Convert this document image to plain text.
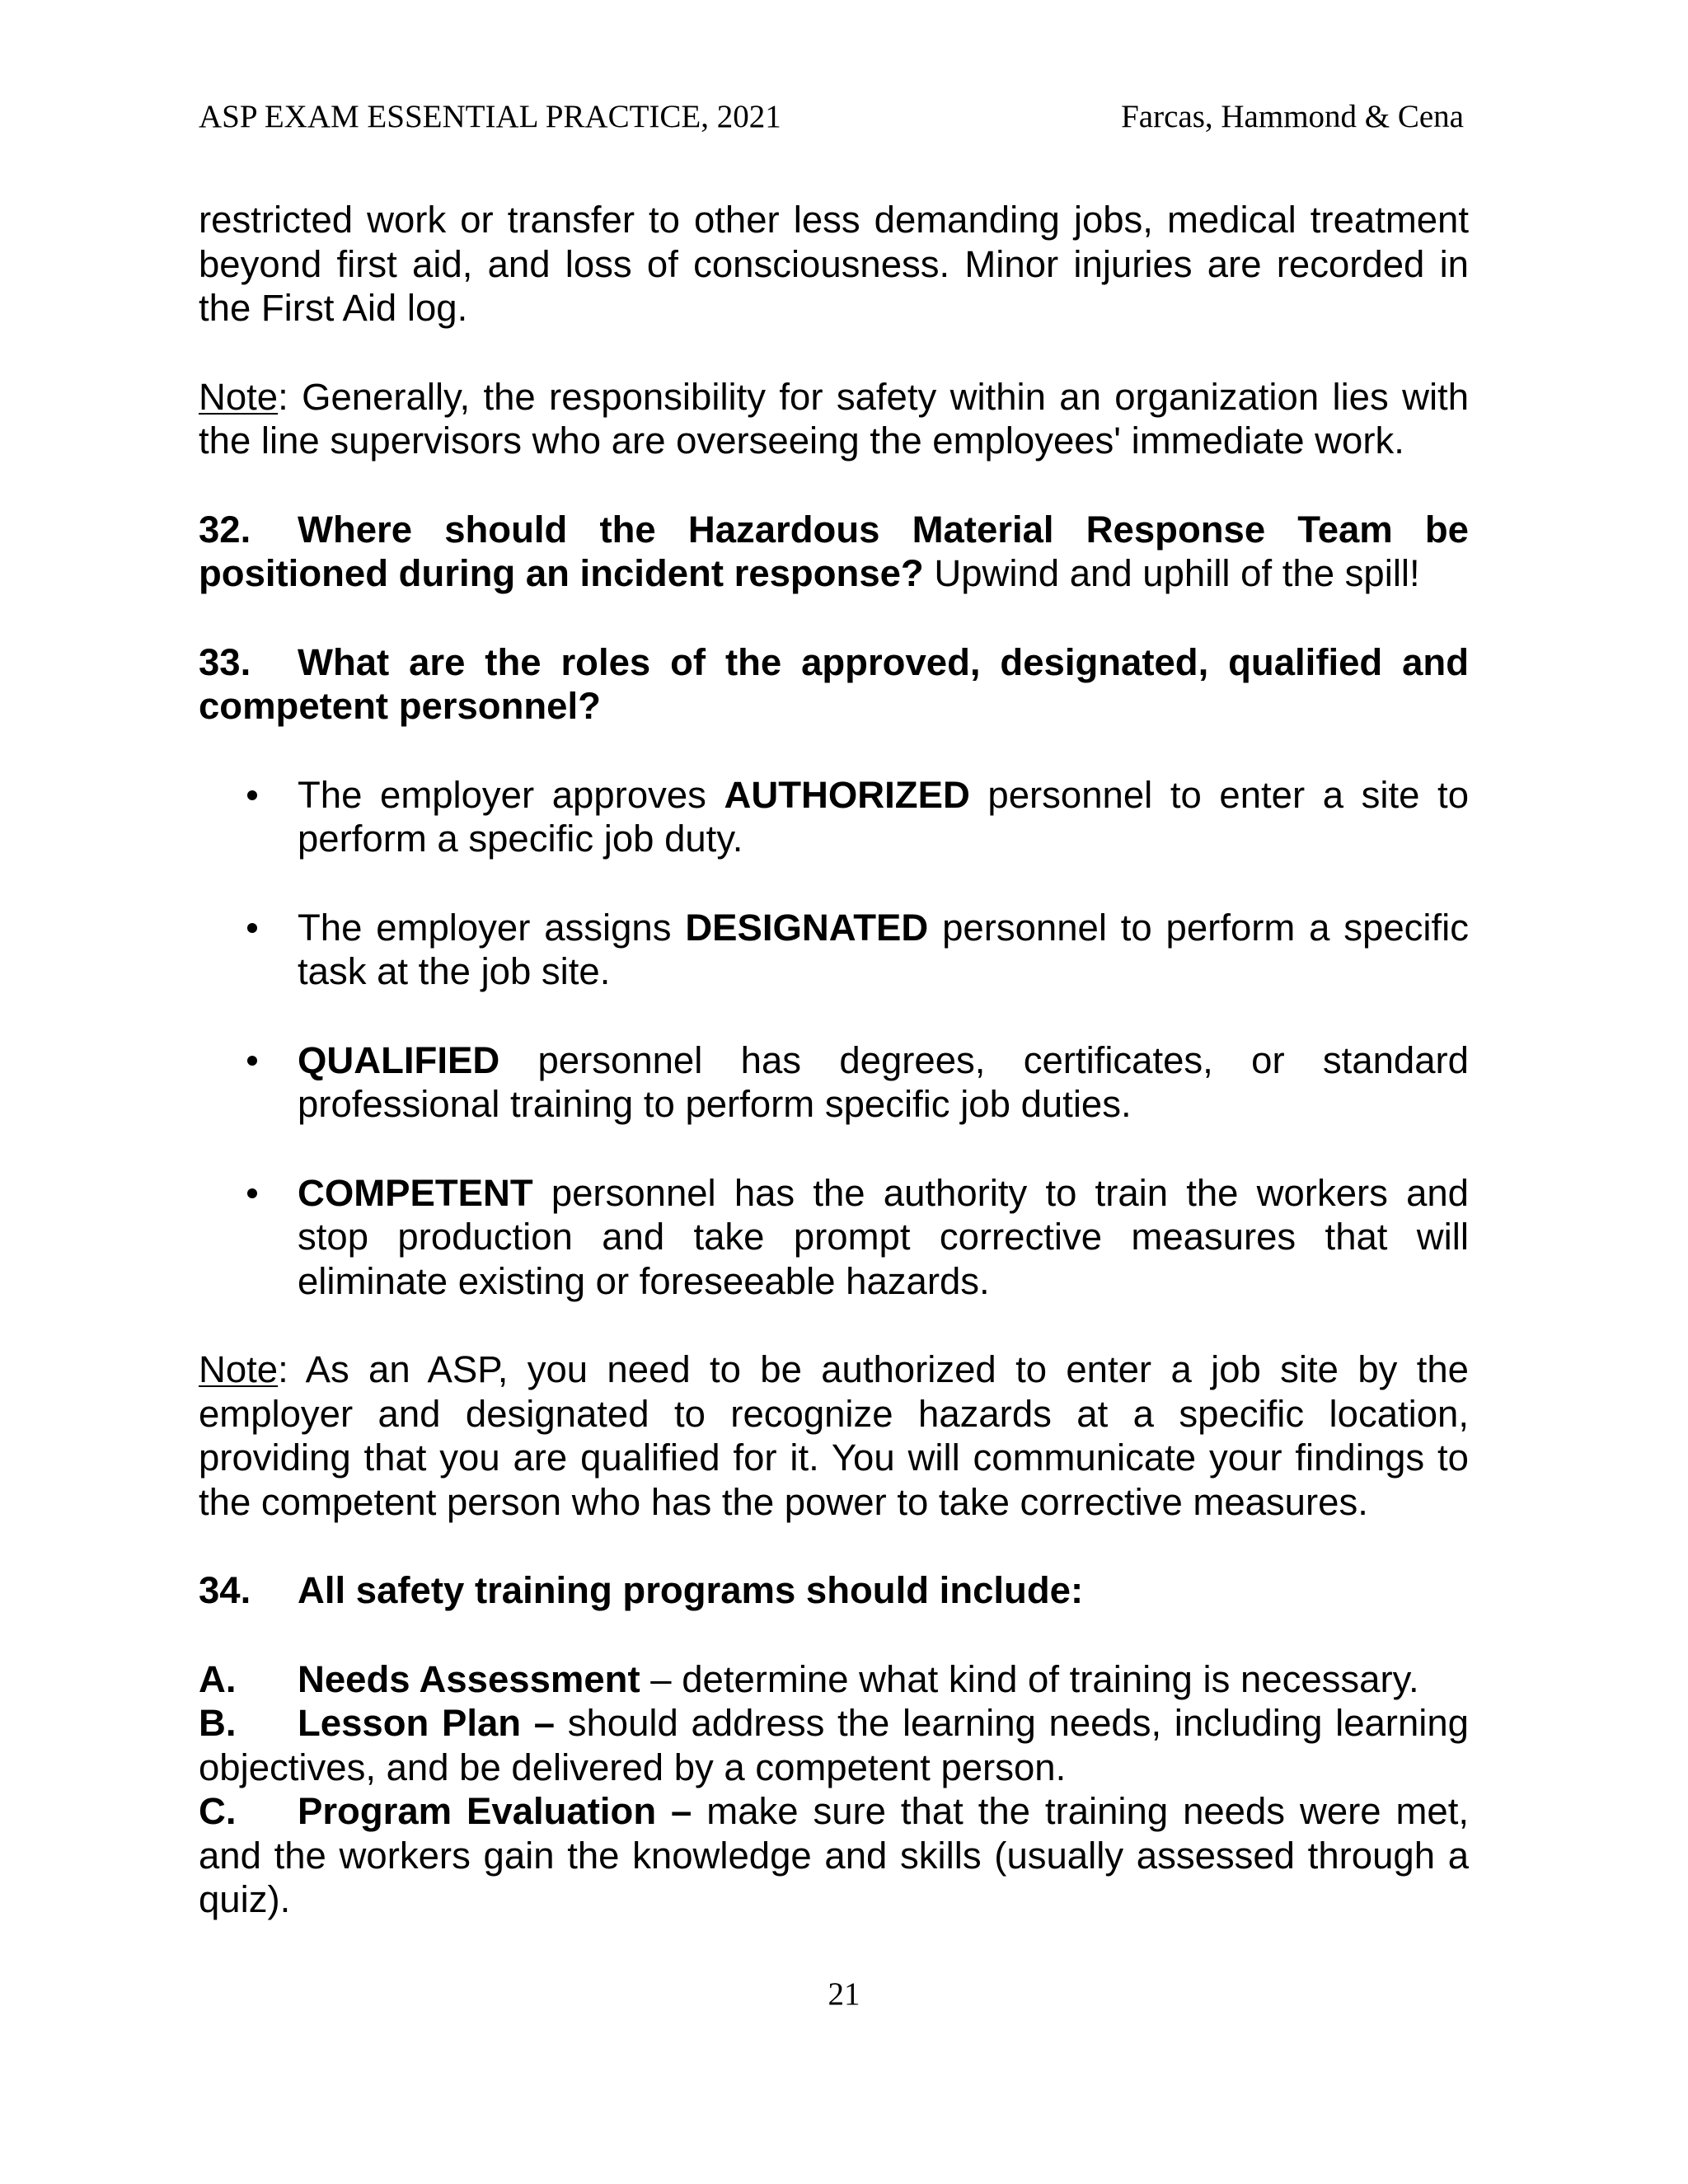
ASP EXAM ESSENTIAL PRACTICE, 2021	Farcas, Hammond & Cena

restricted work or transfer to other less demanding jobs, medical treatment beyond first aid, and loss of consciousness. Minor injuries are recorded in the First Aid log.

Note: Generally, the responsibility for safety within an organization lies with the line supervisors who are overseeing the employees' immediate work.

32. Where should the Hazardous Material Response Team be positioned during an incident response? Upwind and uphill of the spill!

33. What are the roles of the approved, designated, qualified and competent personnel?

The employer approves AUTHORIZED personnel to enter a site to perform a specific job duty.
The employer assigns DESIGNATED personnel to perform a specific task at the job site.
QUALIFIED personnel has degrees, certificates, or standard professional training to perform specific job duties.
COMPETENT personnel has the authority to train the workers and stop production and take prompt corrective measures that will eliminate existing or foreseeable hazards.

Note: As an ASP, you need to be authorized to enter a job site by the employer and designated to recognize hazards at a specific location, providing that you are qualified for it. You will communicate your findings to the competent person who has the power to take corrective measures.

34. All safety training programs should include:

A. Needs Assessment – determine what kind of training is necessary.

B. Lesson Plan – should address the learning needs, including learning objectives, and be delivered by a competent person.

C. Program Evaluation – make sure that the training needs were met, and the workers gain the knowledge and skills (usually assessed through a quiz).

21
